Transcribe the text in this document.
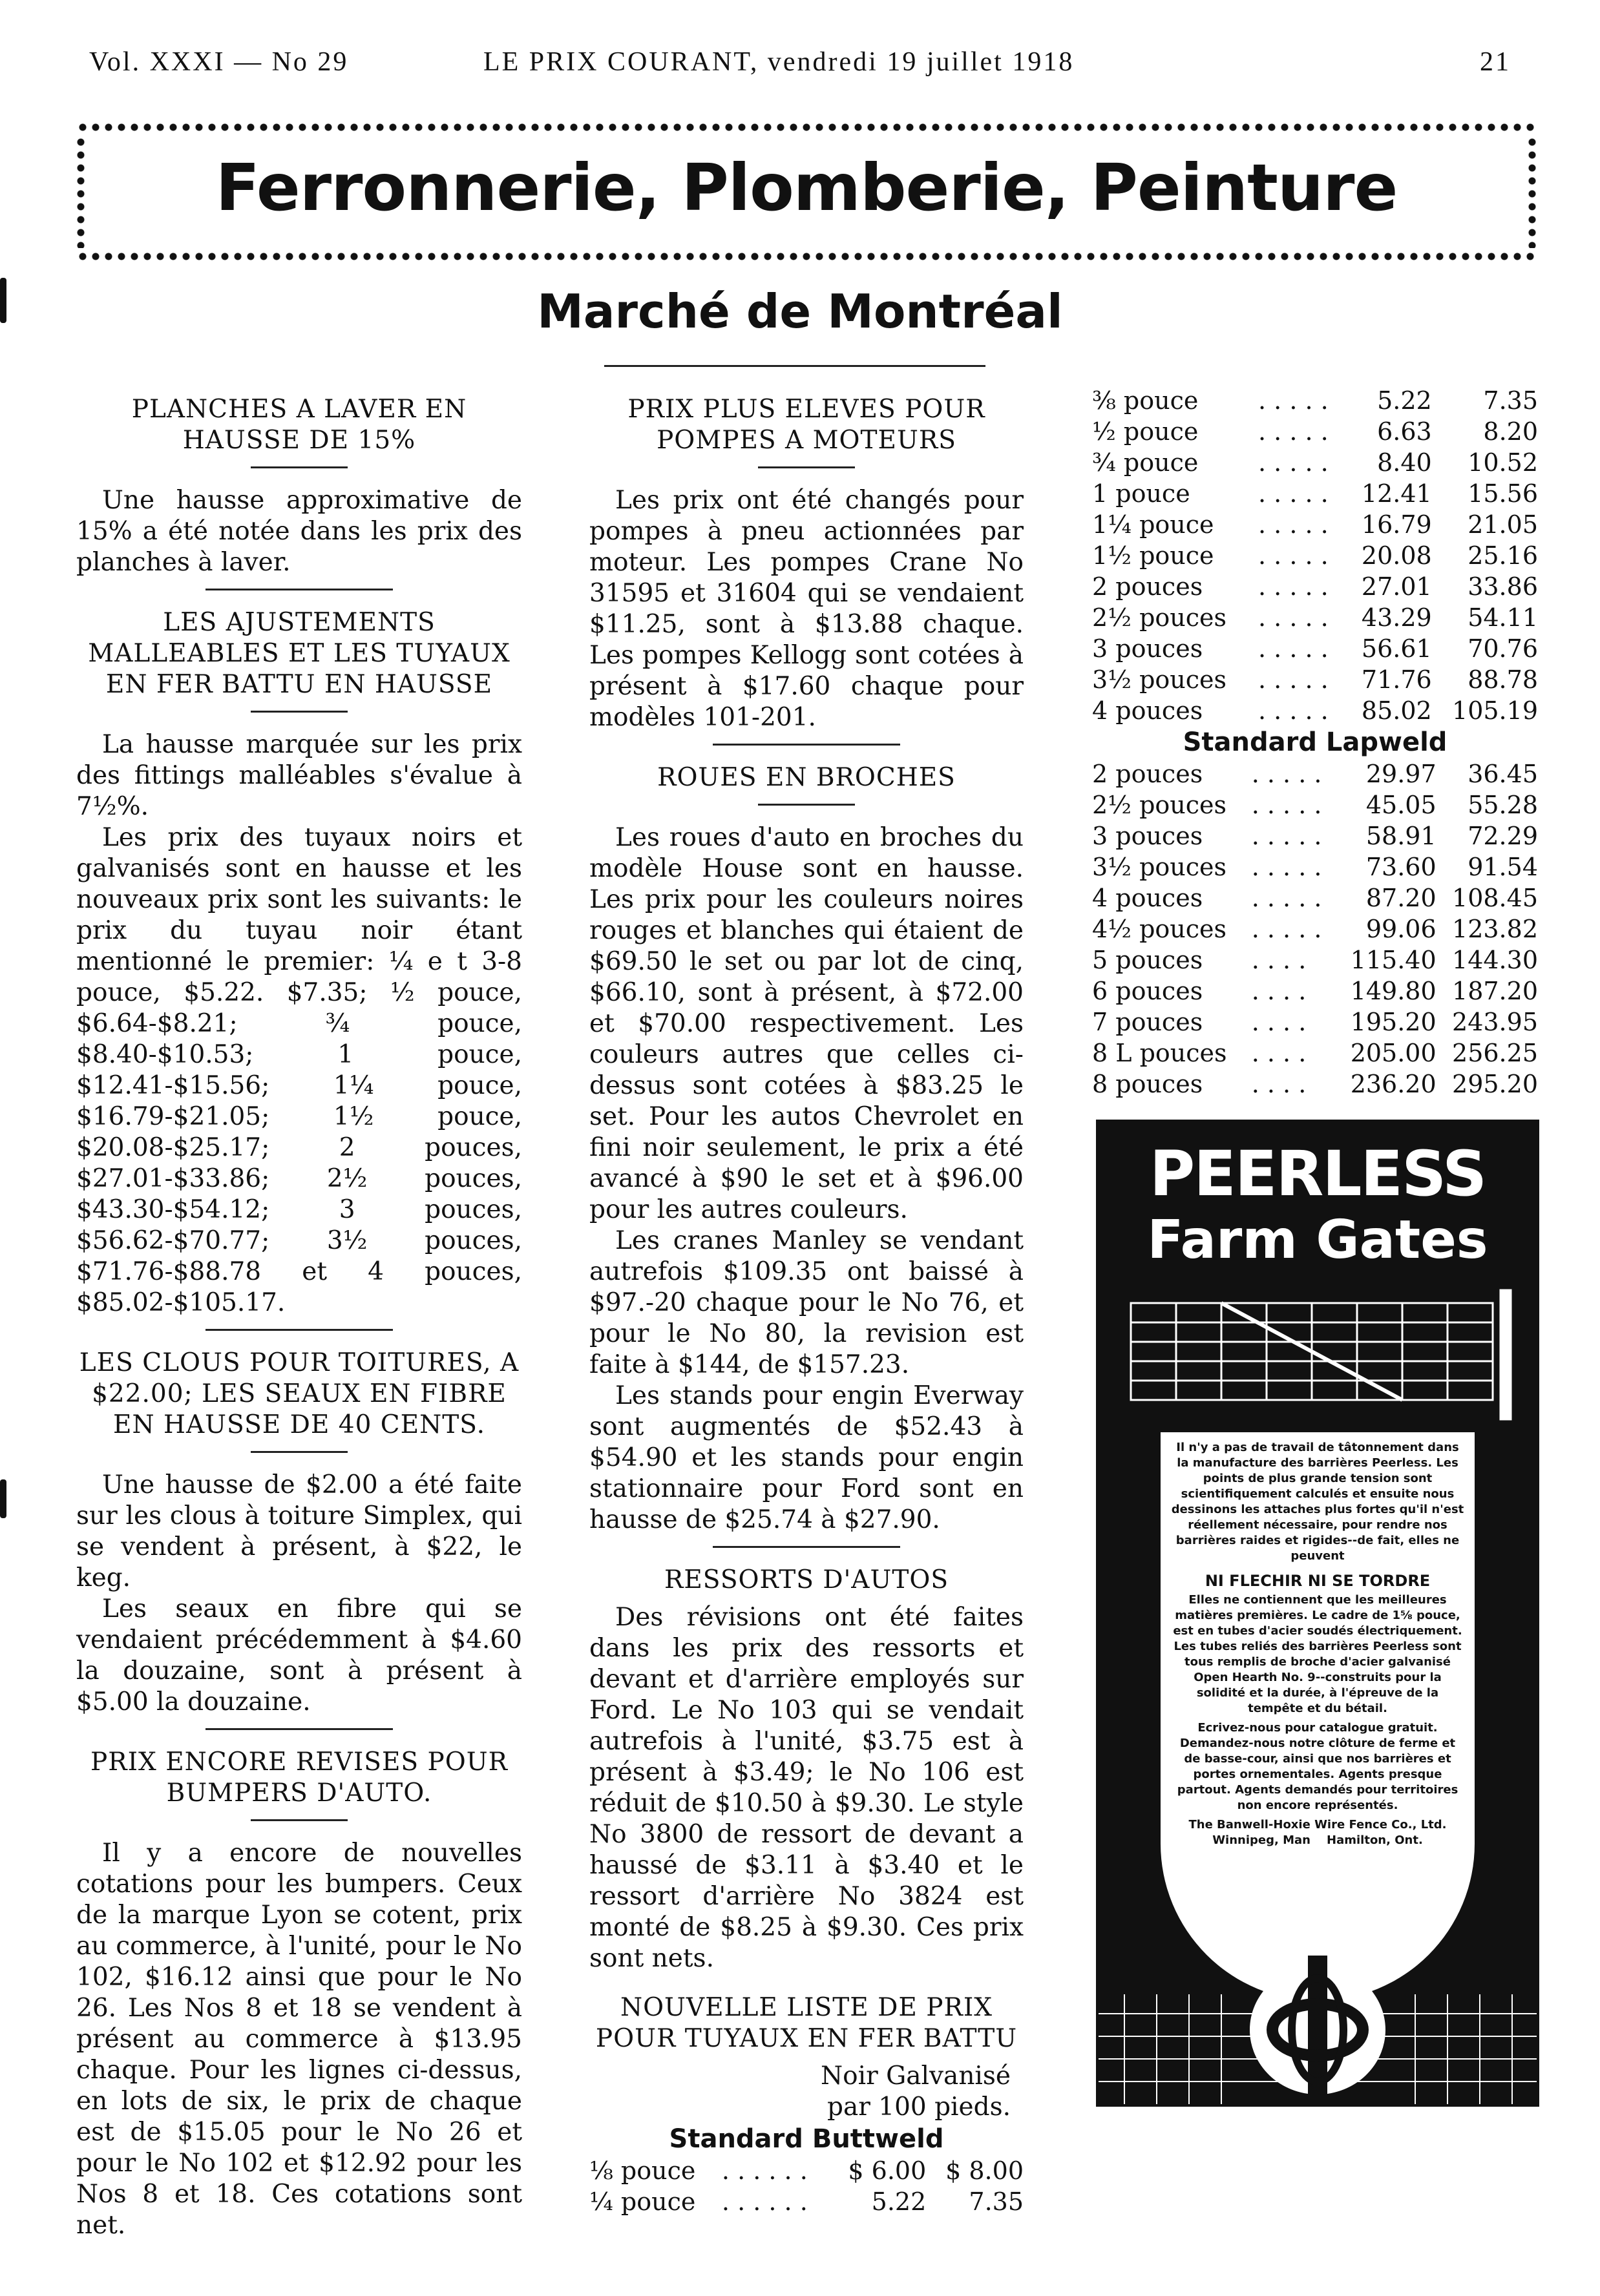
Vol. XXXI — No 29	LE PRIX COURANT, vendredi 19 juillet 1918	21
Ferronnerie, Plomberie, Peinture
Marché de Montréal
PLANCHES A LAVER EN HAUSSE DE 15%

Une hausse approximative de 15% a été notée dans les prix des planches à laver.

LES AJUSTEMENTS MALLEABLES ET LES TUYAUX EN FER BATTU EN HAUSSE

La hausse marquée sur les prix des fittings malléables s'évalue à 7½%.

Les prix des tuyaux noirs et galvanisés sont en hausse et les nouveaux prix sont les suivants: le prix du tuyau noir étant mentionné le premier: ¼ e t 3-8 pouce, $5.22. $7.35; ½ pouce, $6.64-$8.21; ¾ pouce, $8.40-$10.53; 1 pouce, $12.41-$15.56; 1¼ pouce, $16.79-$21.05; 1½ pouce, $20.08-$25.17; 2 pouces, $27.01-$33.86; 2½ pouces, $43.30-$54.12; 3 pouces, $56.62-$70.77; 3½ pouces, $71.76-$88.78 et 4 pouces, $85.02-$105.17.

LES CLOUS POUR TOITURES, A $22.00; LES SEAUX EN FIBRE EN HAUSSE DE 40 CENTS.

Une hausse de $2.00 a été faite sur les clous à toiture Simplex, qui se vendent à présent, à $22, le keg.

Les seaux en fibre qui se vendaient précédemment à $4.60 la douzaine, sont à présent à $5.00 la douzaine.

PRIX ENCORE REVISES POUR BUMPERS D'AUTO.

Il y a encore de nouvelles cotations pour les bumpers. Ceux de la marque Lyon se cotent, prix au commerce, à l'unité, pour le No 102, $16.12 ainsi que pour le No 26. Les Nos 8 et 18 se vendent à présent au commerce à $13.95 chaque. Pour les lignes ci-dessus, en lots de six, le prix de chaque est de $15.05 pour le No 26 et pour le No 102 et $12.92 pour les Nos 8 et 18. Ces cotations sont net.

PRIX PLUS ELEVES POUR POMPES A MOTEURS

Les prix ont été changés pour pompes à pneu actionnées par moteur. Les pompes Crane No 31595 et 31604 qui se vendaient $11.25, sont à $13.88 chaque. Les pompes Kellogg sont cotées à présent à $17.60 chaque pour modèles 101-201.

ROUES EN BROCHES

Les roues d'auto en broches du modèle House sont en hausse. Les prix pour les couleurs noires rouges et blanches qui étaient de $69.50 le set ou par lot de cinq, $66.10, sont à présent, à $72.00 et $70.00 respectivement. Les couleurs autres que celles ci-dessus sont cotées à $83.25 le set. Pour les autos Chevrolet en fini noir seulement, le prix a été avancé à $90 le set et à $96.00 pour les autres couleurs.

Les cranes Manley se vendant autrefois $109.35 ont baissé à $97.-20 chaque pour le No 76, et pour le No 80, la revision est faite à $144, de $157.23.

Les stands pour engin Everway sont augmentés de $52.43 à $54.90 et les stands pour engin stationnaire pour Ford sont en hausse de $25.74 à $27.90.

RESSORTS D'AUTOS

Des révisions ont été faites dans les prix des ressorts et devant et d'arrière employés sur Ford. Le No 103 qui se vendait autrefois à l'unité, $3.75 est à présent à $3.49; le No 106 est réduit de $10.50 à $9.30. Le style No 3800 de ressort de devant a haussé de $3.11 à $3.40 et le ressort d'arrière No 3824 est monté de $8.25 à $9.30. Ces prix sont nets.

NOUVELLE LISTE DE PRIX POUR TUYAUX EN FER BATTU
Noir Galvanisé
par 100 pieds.
Standard Buttweld
⅛ pouce	. . . . . .	$ 6.00	$ 8.00
¼ pouce	. . . . . .	5.22	7.35
⅜ pouce	. . . . .	5.22	7.35
½ pouce	. . . . .	6.63	8.20
¾ pouce	. . . . .	8.40	10.52
1 pouce	. . . . .	12.41	15.56
1¼ pouce	. . . . .	16.79	21.05
1½ pouce	. . . . .	20.08	25.16
2 pouces	. . . . .	27.01	33.86
2½ pouces	. . . . .	43.29	54.11
3 pouces	. . . . .	56.61	70.76
3½ pouces	. . . . .	71.76	88.78
4 pouces	. . . . .	85.02	105.19
Standard Lapweld
2 pouces	. . . . .	29.97	36.45
2½ pouces	. . . . .	45.05	55.28
3 pouces	. . . . .	58.91	72.29
3½ pouces	. . . . .	73.60	91.54
4 pouces	. . . . .	87.20	108.45
4½ pouces	. . . . .	99.06	123.82
5 pouces	. . . .	115.40	144.30
6 pouces	. . . .	149.80	187.20
7 pouces	. . . .	195.20	243.95
8 L pouces	. . . .	205.00	256.25
8 pouces	. . . .	236.20	295.20
PEERLESS
Farm Gates
Il n'y a pas de travail de tâtonnement dans la manufacture des barrières Peerless. Les points de plus grande tension sont scientifiquement calculés et ensuite nous dessinons les attaches plus fortes qu'il n'est réellement nécessaire, pour rendre nos barrières raides et rigides--de fait, elles ne peuvent
NI FLECHIR NI SE TORDRE
Elles ne contiennent que les meilleures matières premières. Le cadre de 1⅝ pouce, est en tubes d'acier soudés électriquement. Les tubes reliés des barrières Peerless sont tous remplis de broche d'acier galvanisé Open Hearth No. 9--construits pour la solidité et la durée, à l'épreuve de la tempête et du bétail.
Ecrivez-nous pour catalogue gratuit. Demandez-nous notre clôture de ferme et de basse-cour, ainsi que nos barrières et portes ornementales. Agents presque partout. Agents demandés pour territoires non encore représentés.
The Banwell-Hoxie Wire Fence Co., Ltd.
Winnipeg, Man    Hamilton, Ont.
